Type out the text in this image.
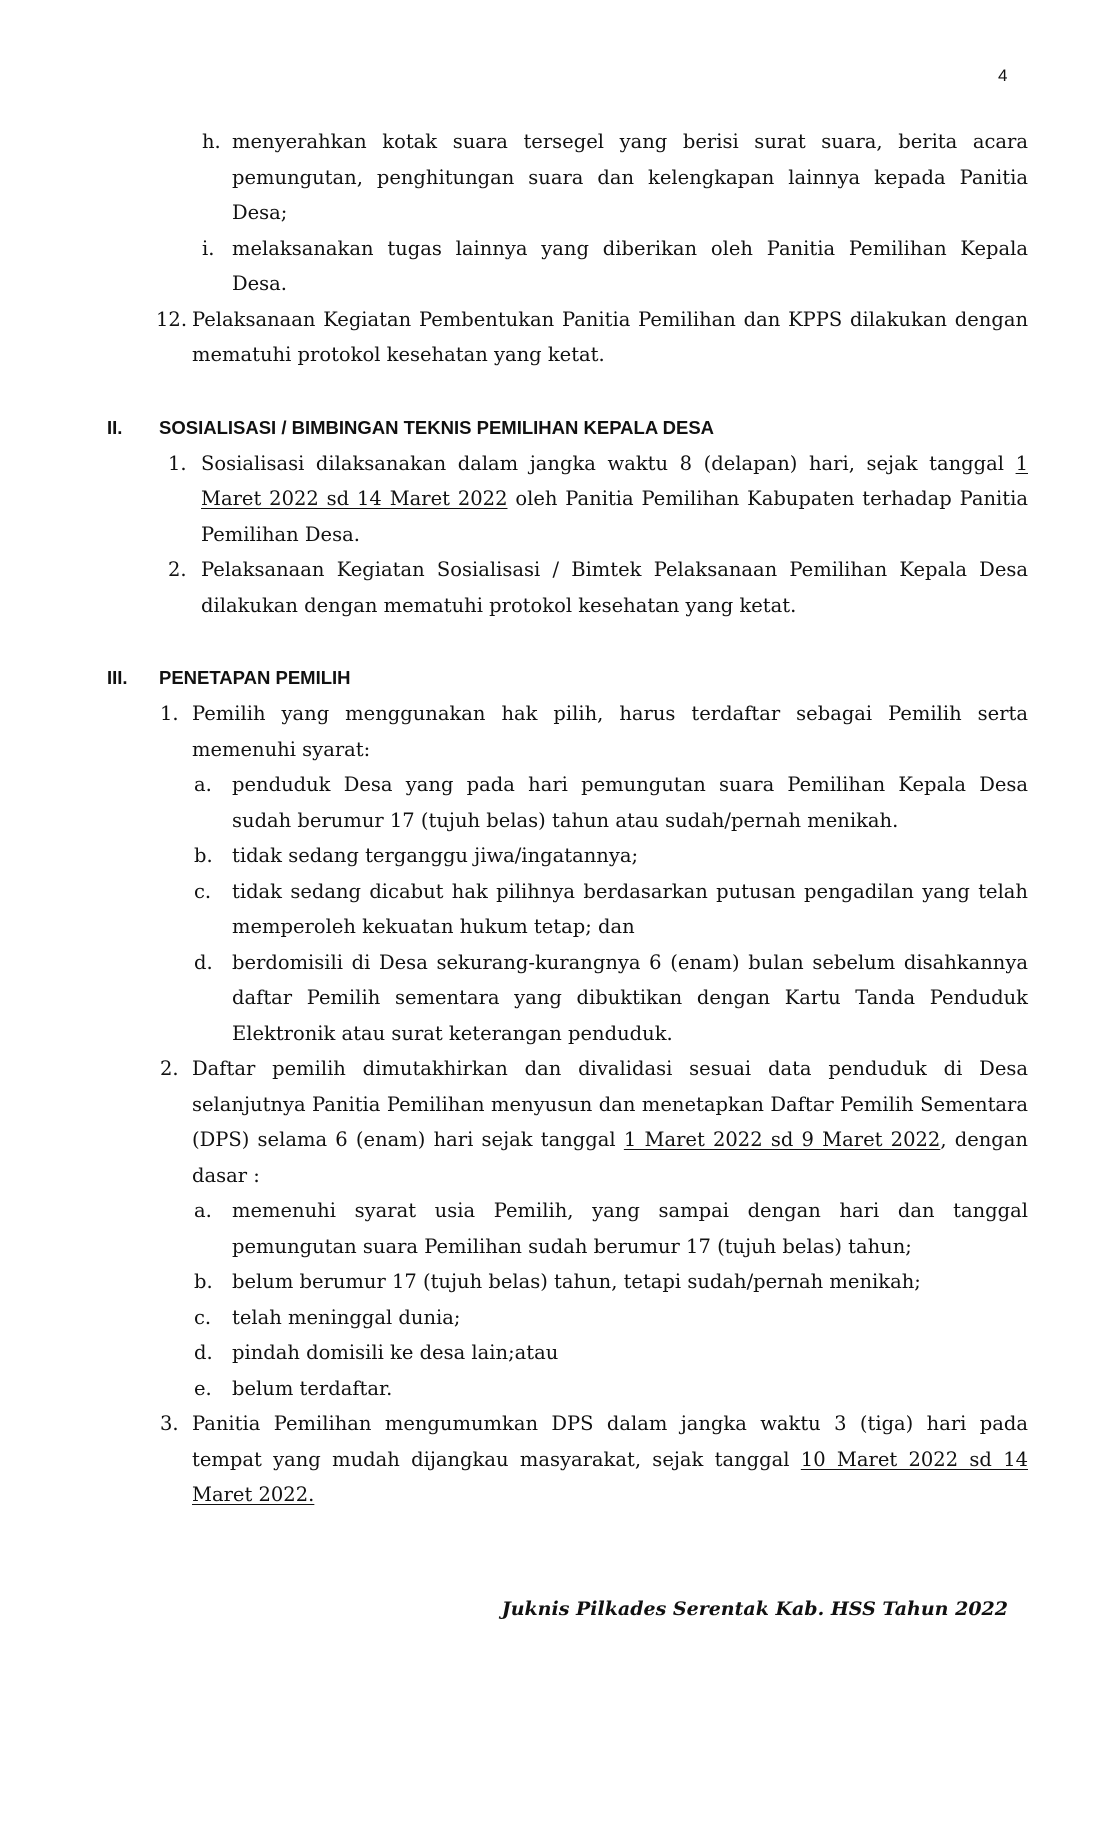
4
h. menyerahkan kotak suara tersegel yang berisi surat suara, berita acara pemungutan, penghitungan suara dan kelengkapan lainnya kepada Panitia Desa;
i. melaksanakan tugas lainnya yang diberikan oleh Panitia Pemilihan Kepala Desa.
12. Pelaksanaan Kegiatan Pembentukan Panitia Pemilihan dan KPPS dilakukan dengan mematuhi protokol kesehatan yang ketat.
II. SOSIALISASI / BIMBINGAN TEKNIS PEMILIHAN KEPALA DESA
1. Sosialisasi dilaksanakan dalam jangka waktu 8 (delapan) hari, sejak tanggal 1 Maret 2022 sd 14 Maret 2022 oleh Panitia Pemilihan Kabupaten terhadap Panitia Pemilihan Desa.
2. Pelaksanaan Kegiatan Sosialisasi / Bimtek Pelaksanaan Pemilihan Kepala Desa dilakukan dengan mematuhi protokol kesehatan yang ketat.
III. PENETAPAN PEMILIH
1. Pemilih yang menggunakan hak pilih, harus terdaftar sebagai Pemilih serta memenuhi syarat:
a. penduduk Desa yang pada hari pemungutan suara Pemilihan Kepala Desa sudah berumur 17 (tujuh belas) tahun atau sudah/pernah menikah.
b. tidak sedang terganggu jiwa/ingatannya;
c. tidak sedang dicabut hak pilihnya berdasarkan putusan pengadilan yang telah memperoleh kekuatan hukum tetap; dan
d. berdomisili di Desa sekurang-kurangnya 6 (enam) bulan sebelum disahkannya daftar Pemilih sementara yang dibuktikan dengan Kartu Tanda Penduduk Elektronik atau surat keterangan penduduk.
2. Daftar pemilih dimutakhirkan dan divalidasi sesuai data penduduk di Desa selanjutnya Panitia Pemilihan menyusun dan menetapkan Daftar Pemilih Sementara (DPS) selama 6 (enam) hari sejak tanggal 1 Maret 2022 sd 9 Maret 2022, dengan dasar :
a. memenuhi syarat usia Pemilih, yang sampai dengan hari dan tanggal pemungutan suara Pemilihan sudah berumur 17 (tujuh belas) tahun;
b. belum berumur 17 (tujuh belas) tahun, tetapi sudah/pernah menikah;
c. telah meninggal dunia;
d. pindah domisili ke desa lain;atau
e. belum terdaftar.
3. Panitia Pemilihan mengumumkan DPS dalam jangka waktu 3 (tiga) hari pada tempat yang mudah dijangkau masyarakat, sejak tanggal 10 Maret 2022 sd 14 Maret 2022.
Juknis Pilkades Serentak Kab. HSS Tahun 2022
